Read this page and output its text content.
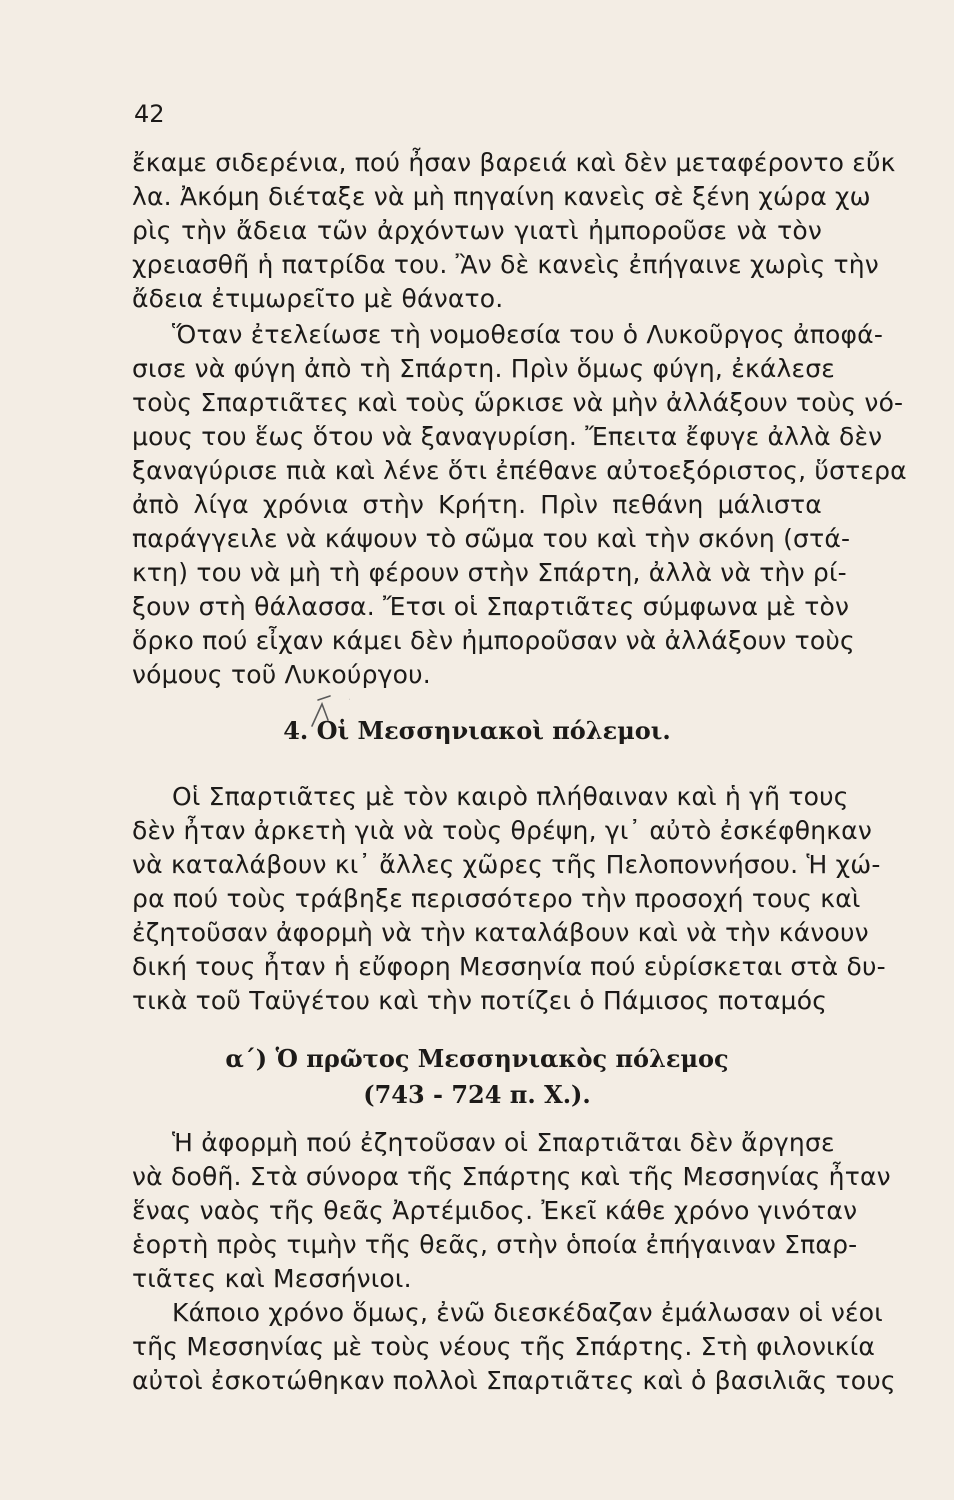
42
ἔκαμε σιδερένια, πού ἦσαν βαρειά καὶ δὲν μεταφέροντο εὔκ
λα. Ἀκόμη διέταξε νὰ μὴ πηγαίνη κανεὶς σὲ ξένη χώρα χω
ρὶς τὴν ἄδεια τῶν ἀρχόντων γιατὶ ἠμποροῦσε νὰ τὸν
χρειασθῆ ἡ πατρίδα του. Ἂν δὲ κανεὶς ἐπήγαινε χωρὶς τὴν
ἄδεια ἐτιμωρεῖτο μὲ θάνατο.
Ὅταν ἐτελείωσε τὴ νομοθεσία του ὁ Λυκοῦργος ἀποφά-
σισε νὰ φύγη ἀπὸ τὴ Σπάρτη. Πρὶν ὅμως φύγη, ἐκάλεσε
τοὺς Σπαρτιᾶτες καὶ τοὺς ὥρκισε νὰ μὴν ἀλλάξουν τοὺς νό-
μους του ἕως ὅτου νὰ ξαναγυρίση. Ἔπειτα ἔφυγε ἀλλὰ δὲν
ξαναγύρισε πιὰ καὶ λένε ὅτι ἐπέθανε αὐτοεξόριστος, ὕστερα
ἀπὸ λίγα χρόνια στὴν Κρήτη. Πρὶν πεθάνη μάλιστα
παράγγειλε νὰ κάψουν τὸ σῶμα του καὶ τὴν σκόνη (στά-
κτη) του νὰ μὴ τὴ φέρουν στὴν Σπάρτη, ἀλλὰ νὰ τὴν ρί-
ξουν στὴ θάλασσα. Ἔτσι οἱ Σπαρτιᾶτες σύμφωνα μὲ τὸν
ὅρκο πού εἶχαν κάμει δὲν ἠμποροῦσαν νὰ ἀλλάξουν τοὺς
νόμους τοῦ Λυκούργου.
4. Οἱ Μεσσηνιακοὶ πόλεμοι.
Οἱ Σπαρτιᾶτες μὲ τὸν καιρὸ πλήθαιναν καὶ ἡ γῆ τους
δὲν ἦταν ἀρκετὴ γιὰ νὰ τοὺς θρέψη, γι᾽ αὐτὸ ἐσκέφθηκαν
νὰ καταλάβουν κι᾽ ἄλλες χῶρες τῆς Πελοποννήσου. Ἡ χώ-
ρα πού τοὺς τράβηξε περισσότερο τὴν προσοχή τους καὶ
ἐζητοῦσαν ἀφορμὴ νὰ τὴν καταλάβουν καὶ νὰ τὴν κάνουν
δική τους ἦταν ἡ εὔφορη Μεσσηνία πού εὑρίσκεται στὰ δυ-
τικὰ τοῦ Ταϋγέτου καὶ τὴν ποτίζει ὁ Πάμισος ποταμός
α΄) Ὁ πρῶτος Μεσσηνιακὸς πόλεμος
(743 - 724 π. Χ.).
Ἡ ἀφορμὴ πού ἐζητοῦσαν οἱ Σπαρτιᾶται δὲν ἄργησε
νὰ δοθῆ. Στὰ σύνορα τῆς Σπάρτης καὶ τῆς Μεσσηνίας ἦταν
ἕνας ναὸς τῆς θεᾶς Ἀρτέμιδος. Ἐκεῖ κάθε χρόνο γινόταν
ἑορτὴ πρὸς τιμὴν τῆς θεᾶς, στὴν ὁποία ἐπήγαιναν Σπαρ-
τιᾶτες καὶ Μεσσήνιοι.
Κάποιο χρόνο ὅμως, ἐνῶ διεσκέδαζαν ἐμάλωσαν οἱ νέοι
τῆς Μεσσηνίας μὲ τοὺς νέους τῆς Σπάρτης. Στὴ φιλονικία
αὐτοὶ ἐσκοτώθηκαν πολλοὶ Σπαρτιᾶτες καὶ ὁ βασιλιᾶς τους
